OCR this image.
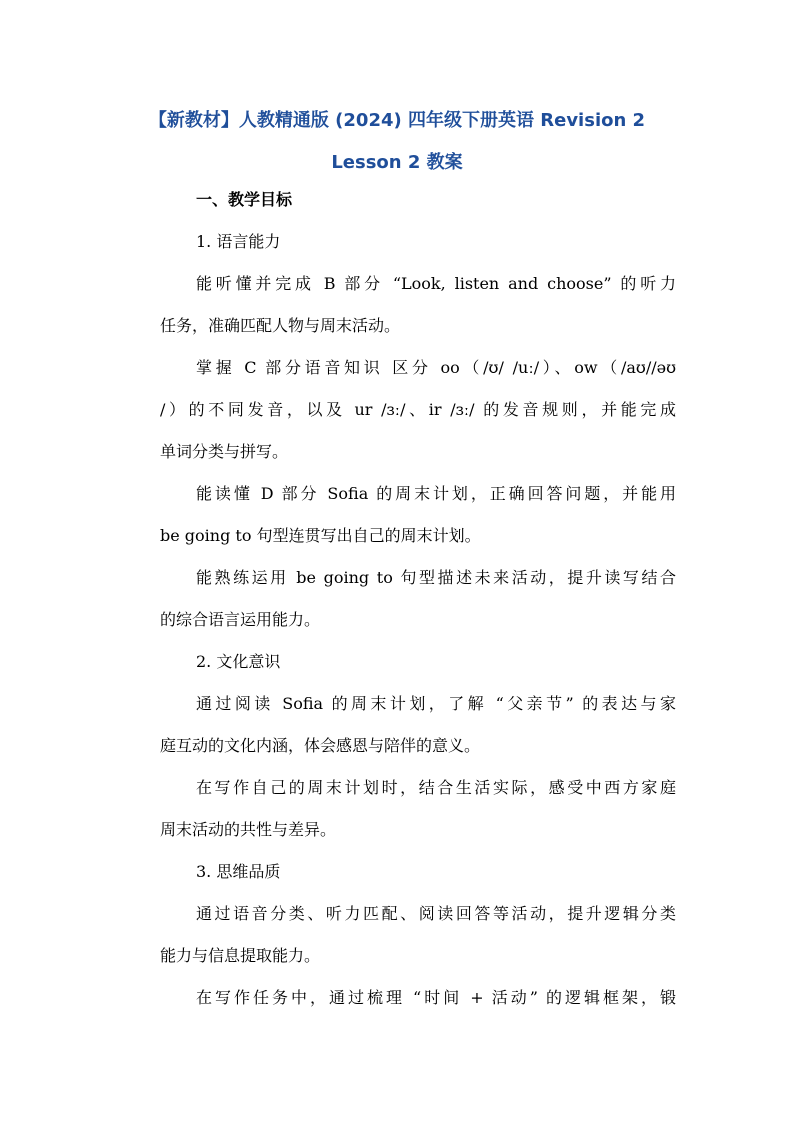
【新教材】人教精通版 (2024) 四年级下册英语 Revision 2
Lesson 2 教案
一、教学目标
1. 语言能力
能听懂并完成 B 部分 “Look, listen and choose” 的听力
任务，准确匹配人物与周末活动。
掌握 C 部分语音知识 区分 oo（/ʊ/ /uː/）、ow（/aʊ//əʊ
/）的不同发音，以及 ur /ɜː/、ir /ɜː/ 的发音规则，并能完成
单词分类与拼写。
能读懂 D 部分 Sofia 的周末计划，正确回答问题，并能用
be going to 句型连贯写出自己的周末计划。
能熟练运用 be going to 句型描述未来活动，提升读写结合
的综合语言运用能力。
2. 文化意识
通过阅读 Sofia 的周末计划，了解 “父亲节” 的表达与家
庭互动的文化内涵，体会感恩与陪伴的意义。
在写作自己的周末计划时，结合生活实际，感受中西方家庭
周末活动的共性与差异。
3. 思维品质
通过语音分类、听力匹配、阅读回答等活动，提升逻辑分类
能力与信息提取能力。
在写作任务中，通过梳理 “时间 + 活动” 的逻辑框架，锻
